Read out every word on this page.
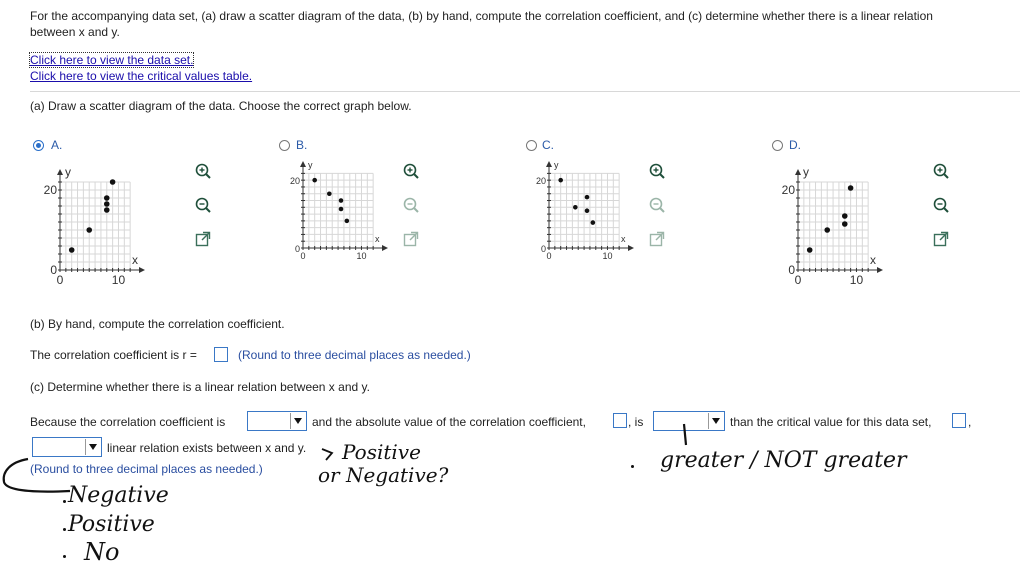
For the accompanying data set, (a) draw a scatter diagram of the data, (b) by hand, compute the correlation coefficient, and (c) determine whether there is a linear relation
between x and y.
Click here to view the data set.
Click here to view the critical values table.
(a) Draw a scatter diagram of the data. Choose the correct graph below.
A.	B.	C.	D.
y
x
20
0
0	10
y
x
20
0
0	10
y
x
20
0
0	10
y
x
20
0
0	10
(b) By hand, compute the correlation coefficient.
The correlation coefficient is r =	(Round to three decimal places as needed.)
(c) Determine whether there is a linear relation between x and y.
Because the correlation coefficient is	and the absolute value of the correlation coefficient,	, is	than the critical value for this data set,	,
linear relation exists between x and y.
(Round to three decimal places as needed.)
Positive
or Negative?
greater / NOT greater
Negative
Positive
No
